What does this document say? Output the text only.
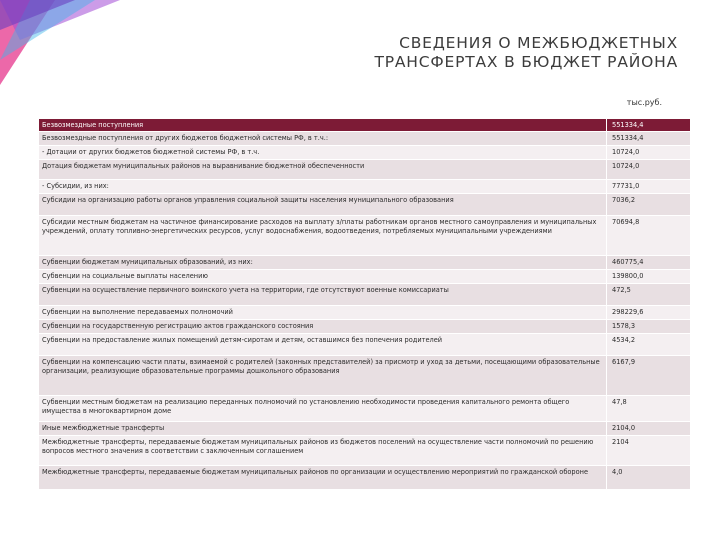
СВЕДЕНИЯ О МЕЖБЮДЖЕТНЫХ
ТРАНСФЕРТАХ В БЮДЖЕТ РАЙОНА
тыс.руб.
Безвозмездные поступления	551334,4
Безвозмездные поступления от других бюджетов бюджетной системы РФ, в т.ч.:	551334,4
- Дотации от других бюджетов бюджетной системы РФ, в т.ч.	10724,0
Дотация бюджетам муниципальных районов на выравнивание бюджетной обеспеченности	10724,0
- Субсидии, из них:	77731,0
Субсидии на организацию работы органов управления социальной защиты населения муниципального образования	7036,2
Субсидии местным бюджетам на частичное финансирование расходов на выплату з/платы работникам органов местного самоуправления и муниципальных учреждений, оплату топливно-энергетических ресурсов, услуг водоснабжения, водоотведения, потребляемых муниципальными учреждениями	70694,8
Субвенции бюджетам муниципальных образований, из них:	460775,4
Субвенции на социальные выплаты населению	139800,0
Субвенции на осуществление первичного воинского учета на территории, где отсутствуют военные комиссариаты	472,5
Субвенции на выполнение передаваемых полномочий	298229,6
Субвенции на государственную регистрацию актов гражданского состояния	1578,3
Субвенции на предоставление жилых помещений детям-сиротам и детям, оставшимся без попечения родителей	4534,2
Субвенции на компенсацию части платы, взимаемой с родителей (законных представителей) за присмотр и уход за детьми, посещающими образовательные организации, реализующие образовательные программы дошкольного образования	6167,9
Субвенции местным бюджетам на реализацию переданных полномочий по установлению необходимости проведения капитального ремонта общего имущества в многоквартирном доме	47,8
Иные межбюджетные трансферты	2104,0
Межбюджетные трансферты, передаваемые бюджетам муниципальных районов из бюджетов поселений на осуществление части полномочий по решению вопросов местного значения в соответствии с заключенным соглашением	2104
Межбюджетные трансферты, передаваемые бюджетам муниципальных районов по организации и осуществлению мероприятий по гражданской обороне	4,0
